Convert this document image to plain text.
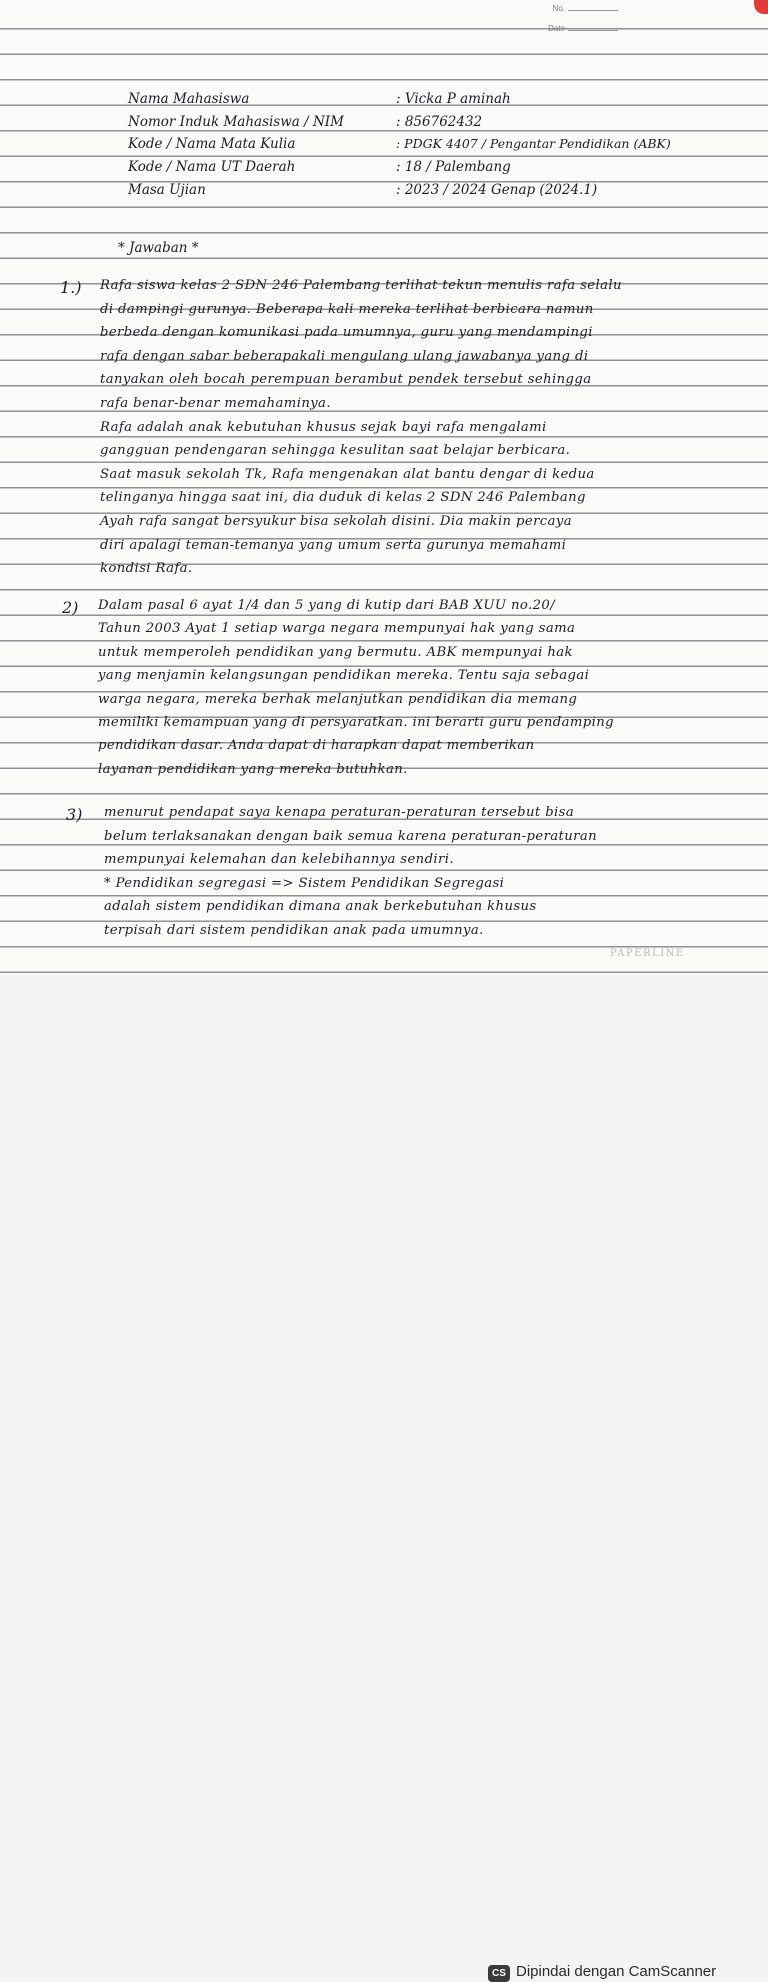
No.
Date
Nama Mahasiswa	: Vicka P aminah
Nomor Induk Mahasiswa / NIM	: 856762432
Kode / Nama Mata Kulia	: PDGK 4407 / Pengantar Pendidikan (ABK)
Kode / Nama UT Daerah	: 18 / Palembang
Masa Ujian	: 2023 / 2024 Genap (2024.1)
* Jawaban *
1.) Rafa siswa kelas 2 SDN 246 Palembang terlihat tekun menulis rafa selalu
di dampingi gurunya. Beberapa kali mereka terlihat berbicara namun
berbeda dengan komunikasi pada umumnya, guru yang mendampingi
rafa dengan sabar beberapakali mengulang ulang jawabanya yang di
tanyakan oleh bocah perempuan berambut pendek tersebut sehingga
rafa benar-benar memahaminya.
Rafa adalah anak kebutuhan khusus sejak bayi rafa mengalami
gangguan pendengaran sehingga kesulitan saat belajar berbicara.
Saat masuk sekolah Tk, Rafa mengenakan alat bantu dengar di kedua
telinganya hingga saat ini, dia duduk di kelas 2 SDN 246 Palembang
Ayah rafa sangat bersyukur bisa sekolah disini. Dia makin percaya
diri apalagi teman-temanya yang umum serta gurunya memahami
kondisi Rafa.
2) Dalam pasal 6 ayat 1/4 dan 5 yang di kutip dari BAB XUU no.20/
Tahun 2003 Ayat 1 setiap warga negara mempunyai hak yang sama
untuk memperoleh pendidikan yang bermutu. ABK mempunyai hak
yang menjamin kelangsungan pendidikan mereka. Tentu saja sebagai
warga negara, mereka berhak melanjutkan pendidikan dia memang
memiliki kemampuan yang di persyaratkan. ini berarti guru pendamping
pendidikan dasar. Anda dapat di harapkan dapat memberikan
layanan pendidikan yang mereka butuhkan.
3) menurut pendapat saya kenapa peraturan-peraturan tersebut bisa
belum terlaksanakan dengan baik semua karena peraturan-peraturan
mempunyai kelemahan dan kelebihannya sendiri.
* Pendidikan segregasi => Sistem Pendidikan Segregasi
adalah sistem pendidikan dimana anak berkebutuhan khusus
terpisah dari sistem pendidikan anak pada umumnya.
PAPERLINE
CS Dipindai dengan CamScanner
